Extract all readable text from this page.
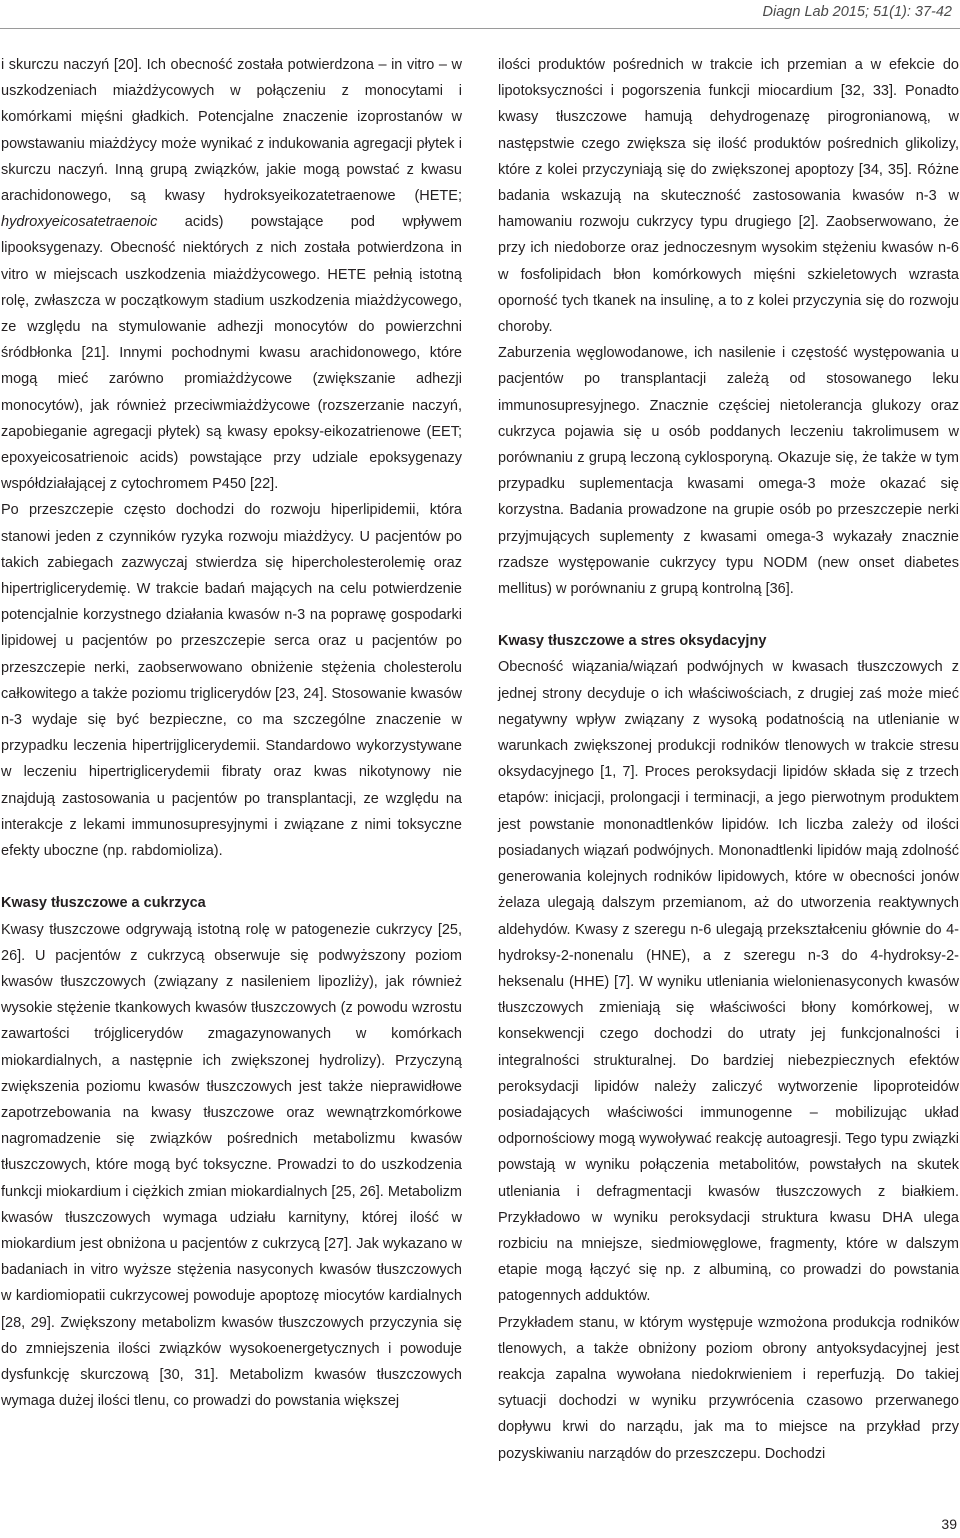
Diagn Lab 2015; 51(1): 37-42

i skurczu naczyń [20]. Ich obecność została potwierdzona – in vitro – w uszkodzeniach miażdżycowych w połączeniu z monocytami i komórkami mięśni gładkich. Potencjalne znaczenie izoprostanów w powstawaniu miażdżycy może wynikać z indukowania agregacji płytek i skurczu naczyń. Inną grupą związków, jakie mogą powstać z kwasu arachidonowego, są kwasy hydroksyeikozatetraenowe (HETE; hydroxyeicosatetraenoic acids) powstające pod wpływem lipooksygenazy. Obecność niektórych z nich została potwierdzona in vitro w miejscach uszkodzenia miażdżycowego. HETE pełnią istotną rolę, zwłaszcza w początkowym stadium uszkodzenia miażdżycowego, ze względu na stymulowanie adhezji monocytów do powierzchni śródbłonka [21]. Innymi pochodnymi kwasu arachidonowego, które mogą mieć zarówno promiażdżycowe (zwiększanie adhezji monocytów), jak również przeciwmiażdżycowe (rozszerzanie naczyń, zapobieganie agregacji płytek) są kwasy epoksy-eikozatrienowe (EET; epoxyeicosatrienoic acids) powstające przy udziale epoksygenazy współdziałającej z cytochromem P450 [22].

Po przeszczepie często dochodzi do rozwoju hiperlipidemii, która stanowi jeden z czynników ryzyka rozwoju miażdżycy. U pacjentów po takich zabiegach zazwyczaj stwierdza się hipercholesterolemię oraz hipertriglicerydemię. W trakcie badań mających na celu potwierdzenie potencjalnie korzystnego działania kwasów n-3 na poprawę gospodarki lipidowej u pacjentów po przeszczepie serca oraz u pacjentów po przeszczepie nerki, zaobserwowano obniżenie stężenia cholesterolu całkowitego a także poziomu triglicerydów [23, 24]. Stosowanie kwasów n-3 wydaje się być bezpieczne, co ma szczególne znaczenie w przypadku leczenia hipertrijglicerydemii. Standardowo wykorzystywane w leczeniu hipertriglicerydemii fibraty oraz kwas nikotynowy nie znajdują zastosowania u pacjentów po transplantacji, ze względu na interakcje z lekami immunosupresyjnymi i związane z nimi toksyczne efekty uboczne (np. rabdomioliza).

Kwasy tłuszczowe a cukrzyca

Kwasy tłuszczowe odgrywają istotną rolę w patogenezie cukrzycy [25, 26]. U pacjentów z cukrzycą obserwuje się podwyższony poziom kwasów tłuszczowych (związany z nasileniem lipozliży), jak również wysokie stężenie tkankowych kwasów tłuszczowych (z powodu wzrostu zawartości trójglicerydów zmagazynowanych w komórkach miokardialnych, a następnie ich zwiększonej hydrolizy). Przyczyną zwiększenia poziomu kwasów tłuszczowych jest także nieprawidłowe zapotrzebowania na kwasy tłuszczowe oraz wewnątrzkomórkowe nagromadzenie się związków pośrednich metabolizmu kwasów tłuszczowych, które mogą być toksyczne. Prowadzi to do uszkodzenia funkcji miokardium i ciężkich zmian miokardialnych [25, 26]. Metabolizm kwasów tłuszczowych wymaga udziału karnityny, której ilość w miokardium jest obniżona u pacjentów z cukrzycą [27]. Jak wykazano w badaniach in vitro wyższe stężenia nasyconych kwasów tłuszczowych w kardiomiopatii cukrzycowej powoduje apoptozę miocytów kardialnych [28, 29]. Zwiększony metabolizm kwasów tłuszczowych przyczynia się do zmniejszenia ilości związków wysokoenergetycznych i powoduje dysfunkcję skurczową [30, 31]. Metabolizm kwasów tłuszczowych wymaga dużej ilości tlenu, co prowadzi do powstania większej

ilości produktów pośrednich w trakcie ich przemian a w efekcie do lipotoksyczności i pogorszenia funkcji miocardium [32, 33]. Ponadto kwasy tłuszczowe hamują dehydrogenazę pirogronianową, w następstwie czego zwiększa się ilość produktów pośrednich glikolizy, które z kolei przyczyniają się do zwiększonej apoptozy [34, 35]. Różne badania wskazują na skuteczność zastosowania kwasów n-3 w hamowaniu rozwoju cukrzycy typu drugiego [2]. Zaobserwowano, że przy ich niedoborze oraz jednoczesnym wysokim stężeniu kwasów n-6 w fosfolipidach błon komórkowych mięśni szkieletowych wzrasta oporność tych tkanek na insulinę, a to z kolei przyczynia się do rozwoju choroby.

Zaburzenia węglowodanowe, ich nasilenie i częstość występowania u pacjentów po transplantacji zależą od stosowanego leku immunosupresyjnego. Znacznie częściej nietolerancja glukozy oraz cukrzyca pojawia się u osób poddanych leczeniu takrolimusem w porównaniu z grupą leczoną cyklosporyną. Okazuje się, że także w tym przypadku suplementacja kwasami omega-3 może okazać się korzystna. Badania prowadzone na grupie osób po przeszczepie nerki przyjmujących suplementy z kwasami omega-3 wykazały znacznie rzadsze występowanie cukrzycy typu NODM (new onset diabetes mellitus) w porównaniu z grupą kontrolną [36].

Kwasy tłuszczowe a stres oksydacyjny

Obecność wiązania/wiązań podwójnych w kwasach tłuszczowych z jednej strony decyduje o ich właściwościach, z drugiej zaś może mieć negatywny wpływ związany z wysoką podatnością na utlenianie w warunkach zwiększonej produkcji rodników tlenowych w trakcie stresu oksydacyjnego [1, 7]. Proces peroksydacji lipidów składa się z trzech etapów: inicjacji, prolongacji i terminacji, a jego pierwotnym produktem jest powstanie mononadtlenków lipidów. Ich liczba zależy od ilości posiadanych wiązań podwójnych. Mononadtlenki lipidów mają zdolność generowania kolejnych rodników lipidowych, które w obecności jonów żelaza ulegają dalszym przemianom, aż do utworzenia reaktywnych aldehydów. Kwasy z szeregu n-6 ulegają przekształceniu głównie do 4-hydroksy-2-nonenalu (HNE), a z szeregu n-3 do 4-hydroksy-2-heksenalu (HHE) [7]. W wyniku utleniania wielonienasyconych kwasów tłuszczowych zmieniają się właściwości błony komórkowej, w konsekwencji czego dochodzi do utraty jej funkcjonalności i integralności strukturalnej. Do bardziej niebezpiecznych efektów peroksydacji lipidów należy zaliczyć wytworzenie lipoproteidów posiadających właściwości immunogenne – mobilizując układ odpornościowy mogą wywoływać reakcję autoagresji. Tego typu związki powstają w wyniku połączenia metabolitów, powstałych na skutek utleniania i defragmentacji kwasów tłuszczowych z białkiem. Przykładowo w wyniku peroksydacji struktura kwasu DHA ulega rozbiciu na mniejsze, siedmiowęglowe, fragmenty, które w dalszym etapie mogą łączyć się np. z albuminą, co prowadzi do powstania patogennych adduktów.

Przykładem stanu, w którym występuje wzmożona produkcja rodników tlenowych, a także obniżony poziom obrony antyoksydacyjnej jest reakcja zapalna wywołana niedokrwieniem i reperfuzją. Do takiej sytuacji dochodzi w wyniku przywrócenia czasowo przerwanego dopływu krwi do narządu, jak ma to miejsce na przykład przy pozyskiwaniu narządów do przeszczepu. Dochodzi

39
